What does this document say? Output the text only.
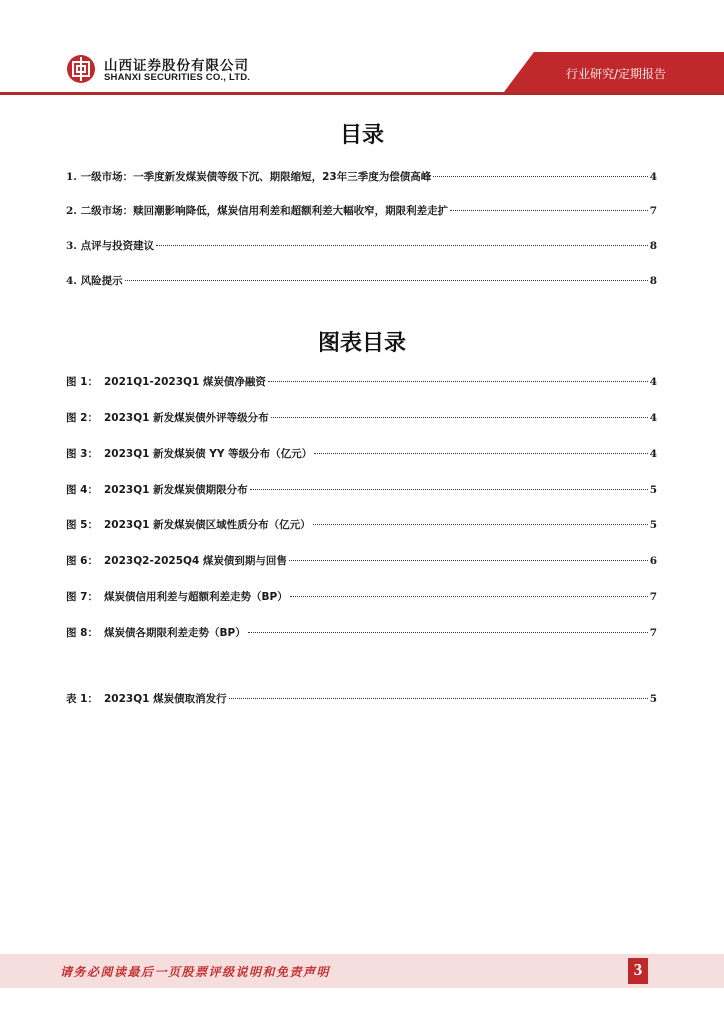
山西证券股份有限公司
SHANXI SECURITIES CO., LTD.	行业研究/定期报告
目录
1. 一级市场：一季度新发煤炭债等级下沉、期限缩短，23年三季度为偿债高峰	4
2. 二级市场：赎回潮影响降低，煤炭信用利差和超额利差大幅收窄，期限利差走扩	7
3. 点评与投资建议	8
4. 风险提示	8
图表目录
图 1： 2021Q1-2023Q1 煤炭债净融资	4
图 2： 2023Q1 新发煤炭债外评等级分布	4
图 3： 2023Q1 新发煤炭债 YY 等级分布（亿元）	4
图 4： 2023Q1 新发煤炭债期限分布	5
图 5： 2023Q1 新发煤炭债区域性质分布（亿元）	5
图 6： 2023Q2-2025Q4 煤炭债到期与回售	6
图 7： 煤炭债信用利差与超额利差走势（BP）	7
图 8： 煤炭债各期限利差走势（BP）	7
表 1： 2023Q1 煤炭债取消发行	5
请务必阅读最后一页股票评级说明和免责声明	3
